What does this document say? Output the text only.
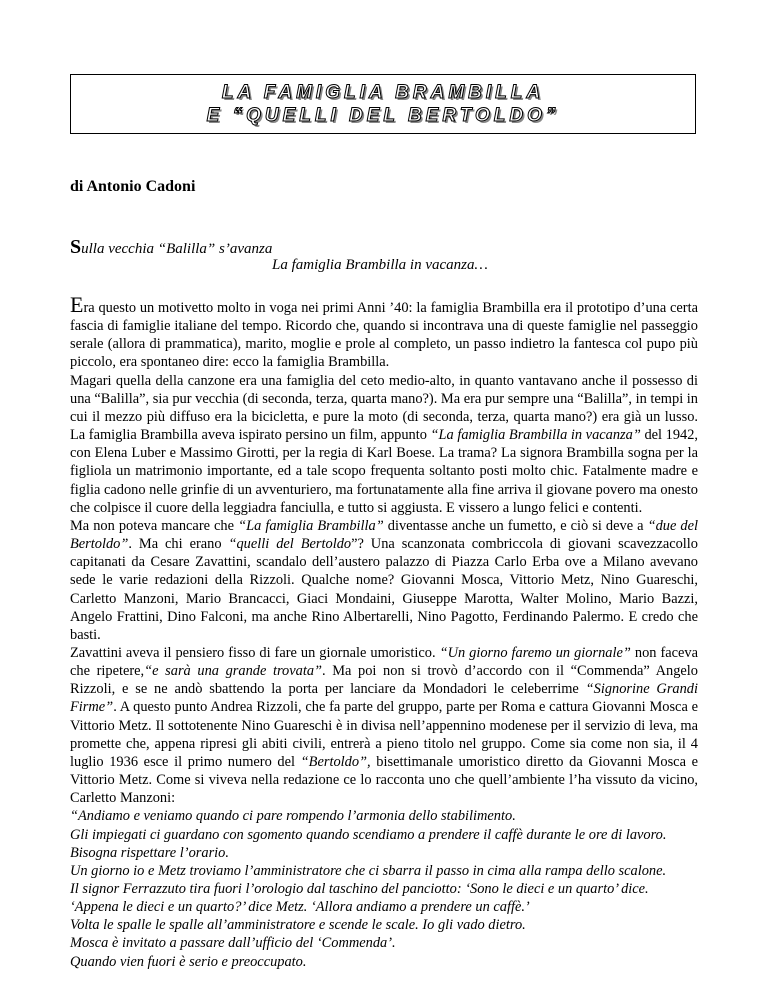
LA FAMIGLIA BRAMBILLA
E “QUELLI DEL BERTOLDO”
di Antonio Cadoni
Sulla vecchia “Balilla” s’avanza
La famiglia Brambilla in vacanza…

Era questo un motivetto molto in voga nei primi Anni ’40: la famiglia Brambilla era il prototipo d’una certa fascia di famiglie italiane del tempo. Ricordo che, quando si incontrava una di queste famiglie nel passeggio serale (allora di prammatica), marito, moglie e prole al completo, un passo indietro la fantesca col pupo più piccolo, era spontaneo dire: ecco la famiglia Brambilla.

Magari quella della canzone era una famiglia del ceto medio-alto, in quanto vantavano anche il possesso di una “Balilla”, sia pur vecchia (di seconda, terza, quarta mano?). Ma era pur sempre una “Balilla”, in tempi in cui il mezzo più diffuso era la bicicletta, e pure la moto (di seconda, terza, quarta mano?) era già un lusso. La famiglia Brambilla aveva ispirato persino un film, appunto “La famiglia Brambilla in vacanza” del 1942, con Elena Luber e Massimo Girotti, per la regia di Karl Boese. La trama? La signora Brambilla sogna per la figliola un matrimonio importante, ed a tale scopo frequenta soltanto posti molto chic. Fatalmente madre e figlia cadono nelle grinfie di un avventuriero, ma fortunatamente alla fine arriva il giovane povero ma onesto che colpisce il cuore della leggiadra fanciulla, e tutto si aggiusta. E vissero a lungo felici e contenti.

Ma non poteva mancare che “La famiglia Brambilla” diventasse anche un fumetto, e ciò si deve a “due del Bertoldo”. Ma chi erano “quelli del Bertoldo”? Una scanzonata combriccola di giovani scavezzacollo capitanati da Cesare Zavattini, scandalo dell’austero palazzo di Piazza Carlo Erba ove a Milano avevano sede le varie redazioni della Rizzoli. Qualche nome? Giovanni Mosca, Vittorio Metz, Nino Guareschi, Carletto Manzoni, Mario Brancacci, Giaci Mondaini, Giuseppe Marotta, Walter Molino, Mario Bazzi, Angelo Frattini, Dino Falconi, ma anche Rino Albertarelli, Nino Pagotto, Ferdinando Palermo. E credo che basti.

Zavattini aveva il pensiero fisso di fare un giornale umoristico. “Un giorno faremo un giornale” non faceva che ripetere,“e sarà una grande trovata”. Ma poi non si trovò d’accordo con il “Commenda” Angelo Rizzoli, e se ne andò sbattendo la porta per lanciare da Mondadori le celeberrime “Signorine Grandi Firme”. A questo punto Andrea Rizzoli, che fa parte del gruppo, parte per Roma e cattura Giovanni Mosca e Vittorio Metz. Il sottotenente Nino Guareschi è in divisa nell’appennino modenese per il servizio di leva, ma promette che, appena ripresi gli abiti civili, entrerà a pieno titolo nel gruppo. Come sia come non sia, il 4 luglio 1936 esce il primo numero del “Bertoldo”, bisettimanale umoristico diretto da Giovanni Mosca e Vittorio Metz. Come si viveva nella redazione ce lo racconta uno che quell’ambiente l’ha vissuto da vicino, Carletto Manzoni:

“Andiamo e veniamo quando ci pare rompendo l’armonia dello stabilimento.

Gli impiegati ci guardano con sgomento quando scendiamo a prendere il caffè durante le ore di lavoro.

Bisogna rispettare l’orario.

Un giorno io e Metz troviamo l’amministratore che ci sbarra il passo in cima alla rampa dello scalone.

Il signor Ferrazzuto tira fuori l’orologio dal taschino del panciotto: ‘Sono le dieci e un quarto’ dice.

‘Appena le dieci e un quarto?’ dice Metz. ‘Allora andiamo a prendere un caffè.’

Volta le spalle le spalle all’amministratore e scende le scale. Io gli vado dietro.

Mosca è invitato a passare dall’ufficio del ‘Commenda’.

Quando vien fuori è serio e preoccupato.
